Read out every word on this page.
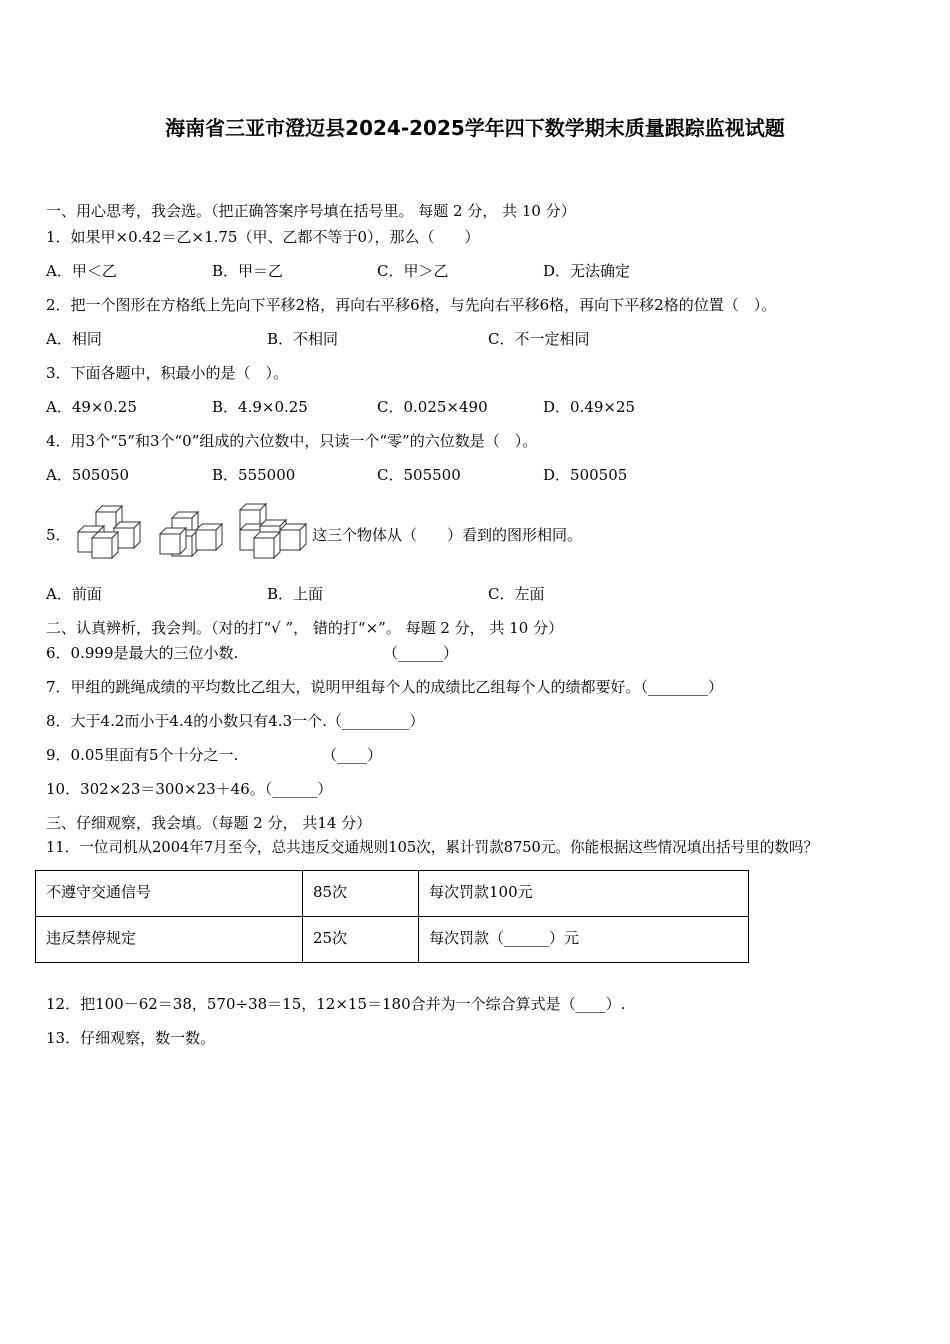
海南省三亚市澄迈县2024-2025学年四下数学期末质量跟踪监视试题
一、用心思考，我会选。（把正确答案序号填在括号里。 每题 2 分， 共 10 分）
1．如果甲×0.42＝乙×1.75（甲、乙都不等于0），那么（　　）
A．甲＜乙	B．甲＝乙	C．甲＞乙	D．无法确定
2．把一个图形在方格纸上先向下平移2格，再向右平移6格，与先向右平移6格，再向下平移2格的位置（　）。
A．相同	B．不相同	C．不一定相同
3．下面各题中，积最小的是（　）。
A．49×0.25	B．4.9×0.25	C．0.025×490	D．0.49×25
4．用3个“5”和3个“0”组成的六位数中，只读一个“零”的六位数是（　）。
A．505050	B．555000	C．505500	D．500505
5．	这三个物体从（　　）看到的图形相同。
A．前面	B．上面	C．左面
二、认真辨析，我会判。（对的打“√ ”， 错的打“×”。 每题 2 分， 共 10 分）
6．0.999是最大的三位小数.	（______）
7．甲组的跳绳成绩的平均数比乙组大，说明甲组每个人的成绩比乙组每个人的绩都要好。（________）
8．大于4.2而小于4.4的小数只有4.3一个.（_________）
9．0.05里面有5个十分之一.	（____）
10．302×23＝300×23＋46。（______）
三、仔细观察，我会填。（每题 2 分， 共14 分）
11．一位司机从2004年7月至今，总共违反交通规则105次，累计罚款8750元。你能根据这些情况填出括号里的数吗？
不遵守交通信号	85次	每次罚款100元
违反禁停规定	25次	每次罚款（______）元
12．把100－62＝38，570÷38＝15，12×15＝180合并为一个综合算式是（____）.
13．仔细观察，数一数。
